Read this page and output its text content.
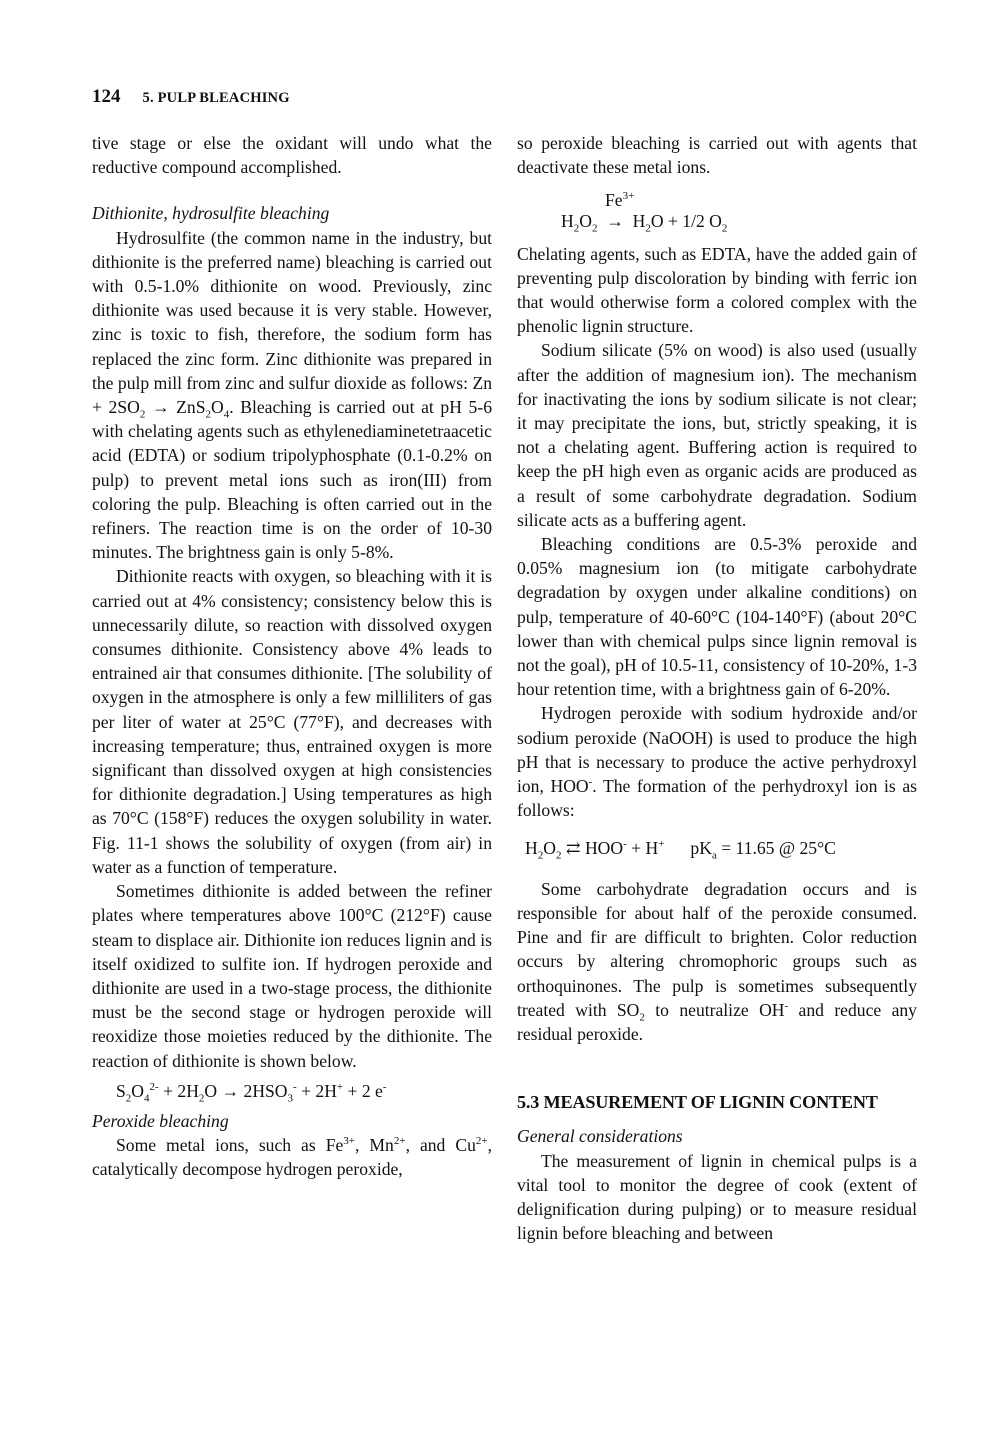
124 5. PULP BLEACHING

tive stage or else the oxidant will undo what the reductive compound accomplished.

Dithionite, hydrosulfite bleaching

Hydrosulfite (the common name in the industry, but dithionite is the preferred name) bleaching is carried out with 0.5-1.0% dithionite on wood. Previously, zinc dithionite was used because it is very stable. However, zinc is toxic to fish, therefore, the sodium form has replaced the zinc form. Zinc dithionite was prepared in the pulp mill from zinc and sulfur dioxide as follows: $Zn + 2SO_2 \to ZnS_2O_4$. Bleaching is carried out at pH 5-6 with chelating agents such as ethylenediaminetetraacetic acid (EDTA) or sodium tripolyphosphate (0.1-0.2% on pulp) to prevent metal ions such as iron(III) from coloring the pulp. Bleaching is often carried out in the refiners. The reaction time is on the order of 10-30 minutes. The brightness gain is only 5-8%.

Dithionite reacts with oxygen, so bleaching with it is carried out at 4% consistency; consistency below this is unnecessarily dilute, so reaction with dissolved oxygen consumes dithionite. Consistency above 4% leads to entrained air that consumes dithionite. [The solubility of oxygen in the atmosphere is only a few milliliters of gas per liter of water at 25°C (77°F), and decreases with increasing temperature; thus, entrained oxygen is more significant than dissolved oxygen at high consistencies for dithionite degradation.] Using temperatures as high as 70°C (158°F) reduces the oxygen solubility in water. Fig. 11-1 shows the solubility of oxygen (from air) in water as a function of temperature.

Sometimes dithionite is added between the refiner plates where temperatures above 100°C (212°F) cause steam to displace air. Dithionite ion reduces lignin and is itself oxidized to sulfite ion. If hydrogen peroxide and dithionite are used in a two-stage process, the dithionite must be the second stage or hydrogen peroxide will reoxidize those moieties reduced by the dithionite. The reaction of dithionite is shown below.

$S_2O_4^{2-} + 2H_2O \to 2HSO_3^- + 2H^+ + 2$ e-

Peroxide bleaching

Some metal ions, such as $Fe^{3+}$, $Mn^{2+}$, and $Cu^{2+}$, catalytically decompose hydrogen peroxide,

so peroxide bleaching is carried out with agents that deactivate these metal ions.

$Fe^{3+}$

$H_2O_2 \to H_2O + 1/2$ $O_2$

Chelating agents, such as EDTA, have the added gain of preventing pulp discoloration by binding with ferric ion that would otherwise form a colored complex with the phenolic lignin structure.

Sodium silicate (5% on wood) is also used (usually after the addition of magnesium ion). The mechanism for inactivating the ions by sodium silicate is not clear; it may precipitate the ions, but, strictly speaking, it is not a chelating agent. Buffering action is required to keep the pH high even as organic acids are produced as a result of some carbohydrate degradation. Sodium silicate acts as a buffering agent.

Bleaching conditions are 0.5-3% peroxide and 0.05% magnesium ion (to mitigate carbohydrate degradation by oxygen under alkaline conditions) on pulp, temperature of 40-60°C (104-140°F) (about 20°C lower than with chemical pulps since lignin removal is not the goal), pH of 10.5-11, consistency of 10-20%, 1-3 hour retention time, with a brightness gain of 6-20%.

Hydrogen peroxide with sodium hydroxide and/or sodium peroxide (NaOOH) is used to produce the high pH that is necessary to produce the active perhydroxyl ion, HOO-. The formation of the perhydroxyl ion is as follows:

$H_2O_2$ ⇄ HOO- + H+ $pK_a = 11.65$ @ 25°C

Some carbohydrate degradation occurs and is responsible for about half of the peroxide consumed. Pine and fir are difficult to brighten. Color reduction occurs by altering chromophoric groups such as orthoquinones. The pulp is sometimes subsequently treated with $SO_2$ to neutralize OH- and reduce any residual peroxide.

5.3 MEASUREMENT OF LIGNIN CONTENT

General considerations

The measurement of lignin in chemical pulps is a vital tool to monitor the degree of cook (extent of delignification during pulping) or to measure residual lignin before bleaching and between
